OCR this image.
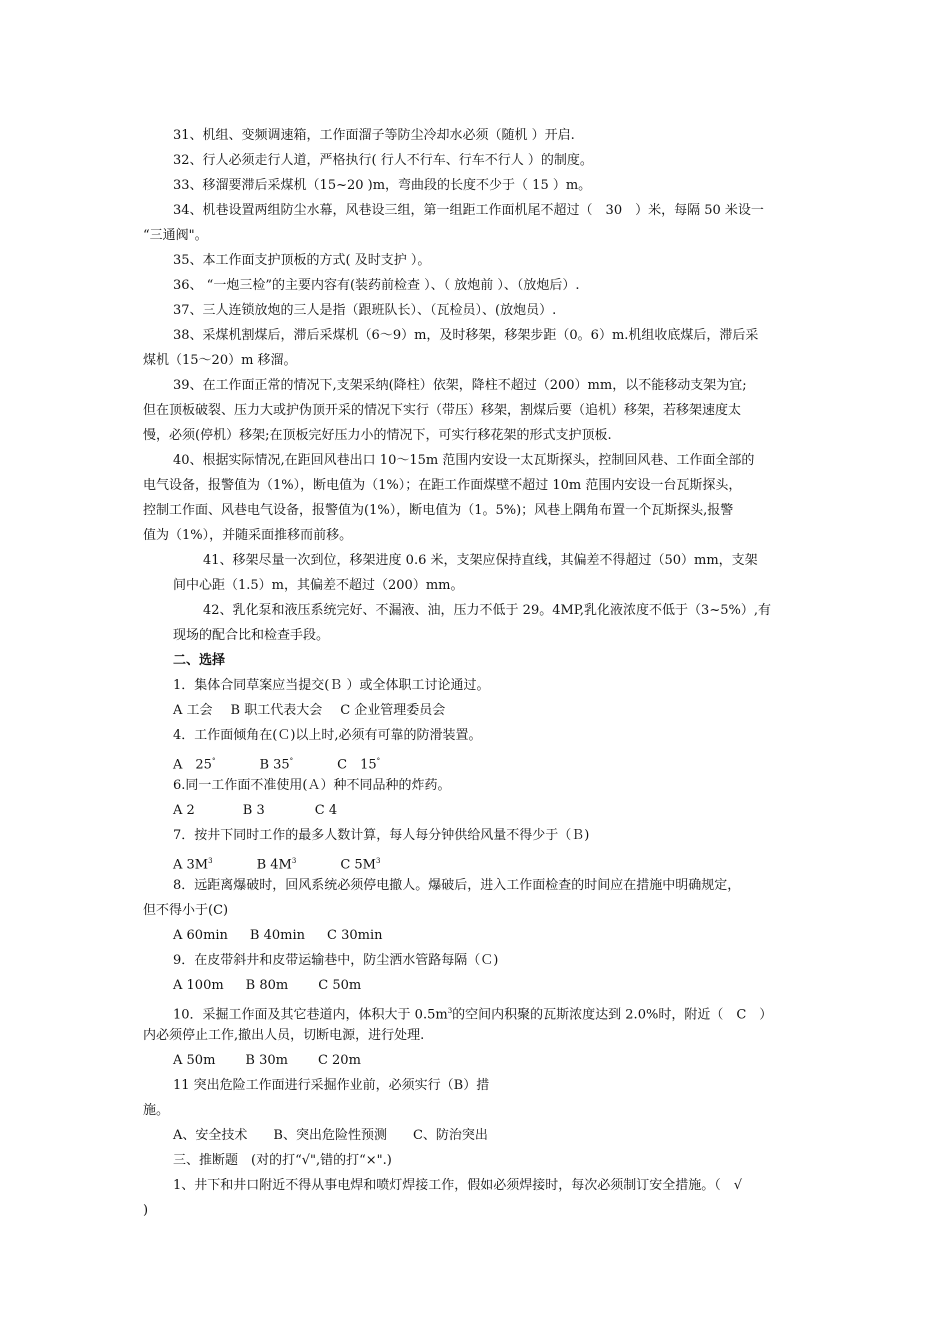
31、机组、变频调速箱，工作面溜子等防尘冷却水必须（随机 ）开启.
32、行人必须走行人道，严格执行( 行人不行车、行车不行人 ）的制度。
33、移溜要滞后采煤机（15~20 )m，弯曲段的长度不少于（ 15 ）m。
34、机巷设置两组防尘水幕，风巷设三组，第一组距工作面机尾不超过（　30　）米，每隔 50 米设一
“三通阀"。
35、本工作面支护顶板的方式( 及时支护 ）。
36、 “一炮三检”的主要内容有(装药前检查 ）、（ 放炮前 ）、（放炮后）.
37、三人连锁放炮的三人是指（跟班队长）、（瓦检员）、(放炮员）.
38、采煤机割煤后，滞后采煤机（6～9）m，及时移架，移架步距（0。6）m.机组收底煤后，滞后采
煤机（15～20）m 移溜。
39、在工作面正常的情况下,支架采纳(降柱）依架，降柱不超过（200）mm，以不能移动支架为宜;
但在顶板破裂、压力大或护伪顶开采的情况下实行（带压）移架，割煤后要（追机）移架，若移架速度太
慢，必须(停机）移架;在顶板完好压力小的情况下，可实行移花架的形式支护顶板.
40、根据实际情况,在距回风巷出口 10～15m 范围内安设一太瓦斯探头，控制回风巷、工作面全部的
电气设备，报警值为（1%），断电值为（1%）；在距工作面煤壁不超过 10m 范围内安设一台瓦斯探头，
控制工作面、风巷电气设备，报警值为(1%），断电值为（1。5%)；风巷上隅角布置一个瓦斯探头,报警
值为（1%），并随采面推移而前移。
41、移架尽量一次到位，移架进度 0.6 米，支架应保持直线，其偏差不得超过（50）mm，支架
间中心距（1.5）m，其偏差不超过（200）mm。
42、乳化泵和液压系统完好、不漏液、油，压力不低于 29。4MP,乳化液浓度不低于（3~5%）,有
现场的配合比和检查手段。
二、选择
1．集体合同草案应当提交(Ｂ ）或全体职工讨论通过。
A 工会 B 职工代表大会 C 企业管理委员会
4．工作面倾角在(Ｃ)以上时,必须有可靠的防滑装置。
A　25°	B 35°	C　15°
6.同一工作面不准使用(Ａ）种不同品种的炸药。
A 2	B 3	C 4
7．按井下同时工作的最多人数计算，每人每分钟供给风量不得少于（Ｂ)
A $3M^3$	B $4M^3$	C $5M^3$
8．远距离爆破时，回风系统必须停电撤人。爆破后，进入工作面检查的时间应在措施中明确规定，
但不得小于(C)
A 60min B 40min C 30min
9．在皮带斜井和皮带运输巷中，防尘洒水管路每隔（Ｃ)
A 100m B 80m C 50m
10．采掘工作面及其它巷道内，体积大于 $0.5m^3$的空间内积聚的瓦斯浓度达到 2.0%时，附近（　C　）
内必须停止工作,撤出人员，切断电源，进行处理.
A 50m B 30m C 20m
11 突出危险工作面进行采掘作业前，必须实行（B）措
施。
A、安全技术 B、突出危险性预测 C、防治突出
三、推断题　(对的打“√",错的打“×".)
1、井下和井口附近不得从事电焊和喷灯焊接工作，假如必须焊接时，每次必须制订安全措施。（　√
)
